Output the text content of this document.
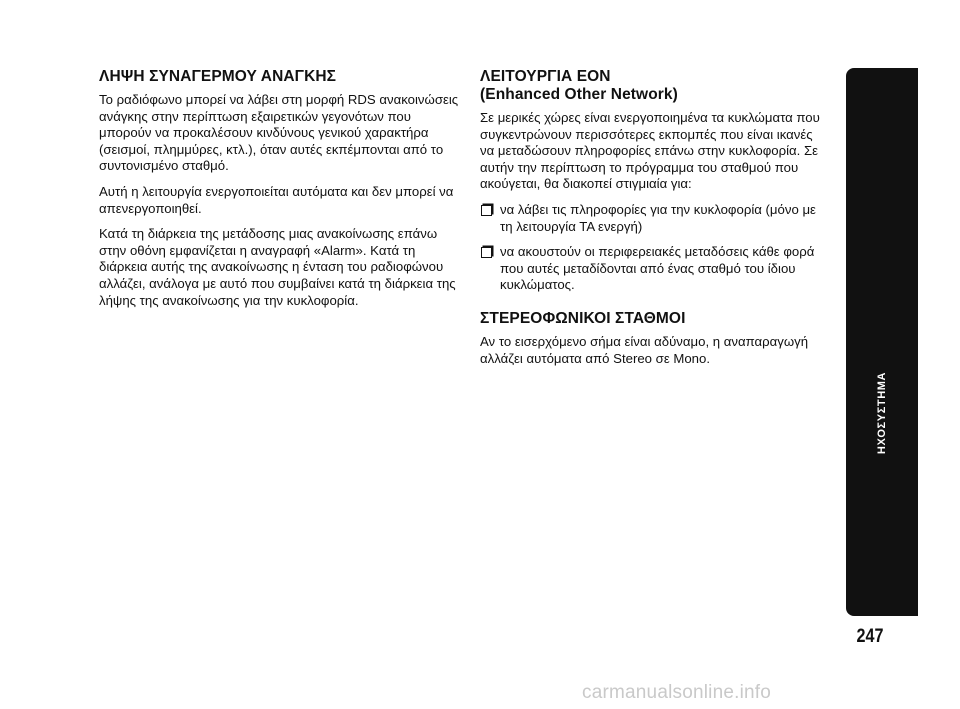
ΛΗΨΗ ΣΥΝΑΓΕΡΜΟΥ ΑΝΑΓΚΗΣ

Το ραδιόφωνο μπορεί να λάβει στη μορφή RDS ανακοινώσεις ανάγκης στην περίπτωση εξαιρετικών γεγονότων που μπορούν να προκαλέσουν κινδύνους γενικού χαρακτήρα (σεισμοί, πλημμύρες, κτλ.), όταν αυτές εκπέμπονται από το συντονισμένο σταθμό.

Αυτή η λειτουργία ενεργοποιείται αυτόματα και δεν μπορεί να απενεργοποιηθεί.

Κατά τη διάρκεια της μετάδοσης μιας ανακοίνωσης επάνω στην οθόνη εμφανίζεται η αναγραφή «Alarm». Κατά τη διάρκεια αυτής της ανακοίνωσης η ένταση του ραδιοφώνου αλλάζει, ανάλογα με αυτό που συμβαίνει κατά τη διάρκεια της λήψης της ανακοίνωσης για την κυκλοφορία.

ΛΕΙΤΟΥΡΓΙΑ ΕΟΝ
(Enhanced Other Network)

Σε μερικές χώρες είναι ενεργοποιημένα τα κυκλώματα που συγκεντρώνουν περισσότερες εκπομπές που είναι ικανές να μεταδώσουν πληροφορίες επάνω στην κυκλοφορία. Σε αυτήν την περίπτωση το πρόγραμμα του σταθμού που ακούγεται, θα διακοπεί στιγμιαία για:

να λάβει τις πληροφορίες για την κυκλοφορία (μόνο με τη λειτουργία ΤΑ ενεργή)
να ακουστούν οι περιφερειακές μεταδόσεις κάθε φορά που αυτές μεταδίδονται από ένας σταθμό του ίδιου κυκλώματος.
ΣΤΕΡΕΟΦΩΝΙΚΟΙ ΣΤΑΘΜΟΙ

Αν το εισερχόμενο σήμα είναι αδύναμο, η αναπαραγωγή αλλάζει αυτόματα από Stereo σε Mono.

ΗΧΟΣΥΣΤΗΜΑ
247
carmanualsonline.info
